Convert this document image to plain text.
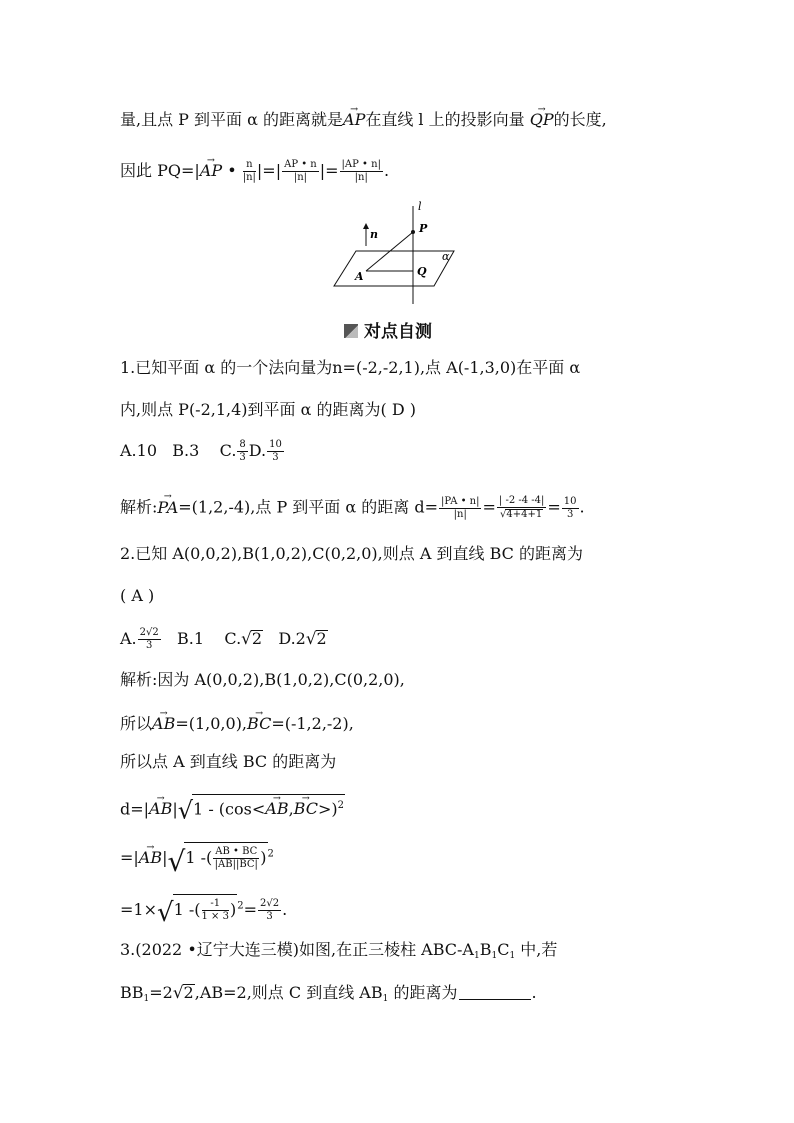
量,且点 P 到平面 α 的距离就是→ AP在直线 l 上的投影向量 → QP的长度,
因此 PQ=|→ AP • $\frac{n}{|n|}$ |=| $\frac{AP • n}{|n|}$ |= $\frac{|AP • n|}{|n|}$ .
l
n	P
α
A	Q
对点自测
1.已知平面 α 的一个法向量为n=(-2,-2,1),点 A(-1,3,0)在平面 α
内,则点 P(-2,1,4)到平面 α 的距离为( D )
A.10 B.3 C. $\frac{8}{3} D$. $\frac{10}{3}$
解析:→ PA=(1,2,-4),点 P 到平面 α 的距离 $d= \frac{|PA • n|}{|n|} = \frac{| -2 -4 -4|}{√4+4+1} = \frac{10}{3}$ .
2.已知 A(0,0,2),B(1,0,2),C(0,2,0),则点 A 到直线 BC 的距离为
( A )
A. $\frac{2√2}{3} B.1$ C.√2 D.2√2
解析:因为 A(0,0,2),B(1,0,2),C(0,2,0),
所以→ AB=(1,0,0),→ BC=(-1,2,-2),
所以点 A 到直线 BC 的距离为
d=|→ AB|√1 - (cos<→ AB,→ BC>)$^2$
=|→ AB|√1 -( $\frac{AB • BC}{|AB||BC|} )^2$
=1×√1 -( $\frac{-1}{1 \times 3} )^2= \frac{2√2}{3}$ .
3.(2022 •辽宁大连三模)如图,在正三棱柱 ABC-$A_1B_1C_1$ 中,若
$BB_1=2√2,AB=2$,则点 C 到直线 $AB_1$ 的距离为	.
